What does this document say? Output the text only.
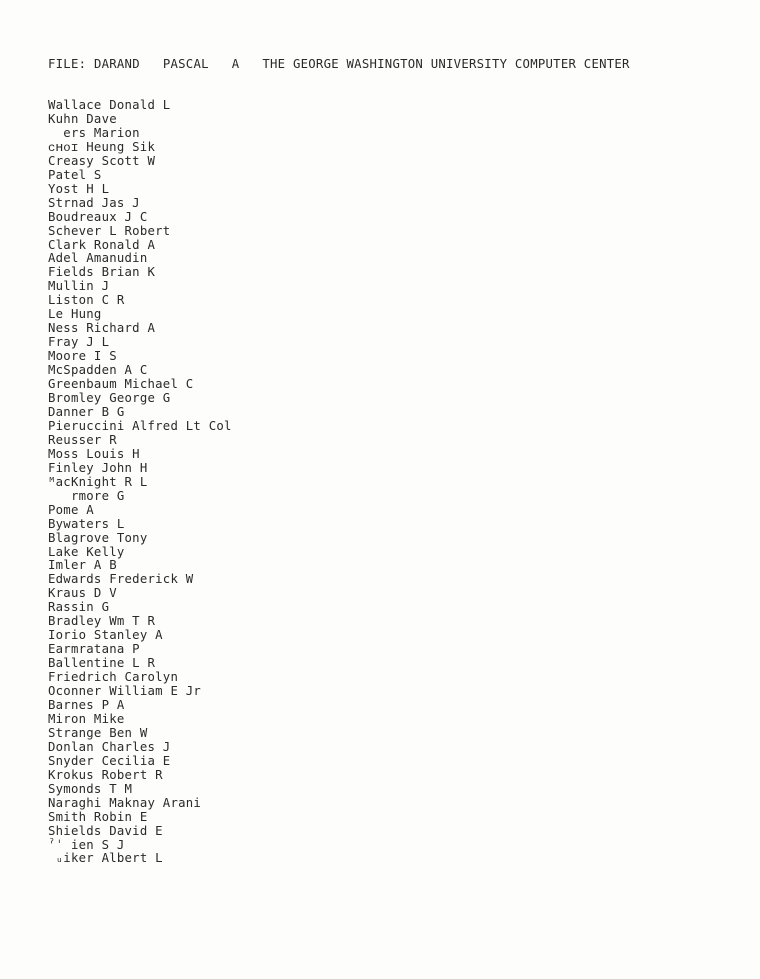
FILE: DARAND PASCAL A THE GEORGE WASHINGTON UNIVERSITY COMPUTER CENTER
Wallace Donald L
Kuhn Dave
ers Marion
ᴄʜᴏɪ Heung Sik
Creasy Scott W
Patel S
Yost H L
Strnad Jas J
Boudreaux J C
Schever L Robert
Clark Ronald A
Adel Amanudin
Fields Brian K
Mullin J
Liston C R
Le Hung
Ness Richard A
Fray J L
Moore I S
McSpadden A C
Greenbaum Michael C
Bromley George G
Danner B G
Pieruccini Alfred Lt Col
Reusser R
Moss Louis H
Finley John H
ᴹacKnight R L
rmore G
Pome A
Bywaters L
Blagrove Tony
Lake Kelly
Imler A B
Edwards Frederick W
Kraus D V
Rassin G
Bradley Wm T R
Iorio Stanley A
Earmratana P
Ballentine L R
Friedrich Carolyn
Oconner William E Jr
Barnes P A
Miron Mike
Strange Ben W
Donlan Charles J
Snyder Cecilia E
Krokus Robert R
Symonds T M
Naraghi Maknay Arani
Smith Robin E
Shields David E
ˀˈ ien S J
ᵤiker Albert L
